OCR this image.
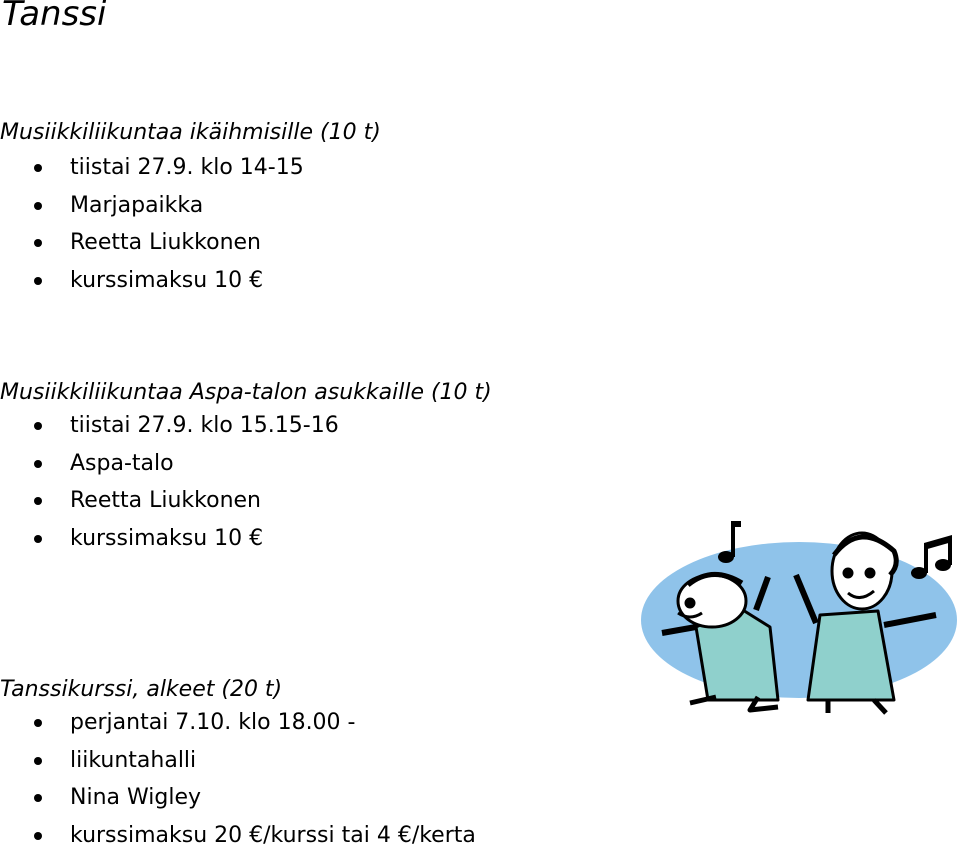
Tanssi
Musiikkiliikuntaa ikäihmisille (10 t)
tiistai 27.9. klo 14-15
Marjapaikka
Reetta Liukkonen
kurssimaksu 10 €
Musiikkiliikuntaa Aspa-talon asukkaille (10 t)
tiistai 27.9. klo 15.15-16
Aspa-talo
Reetta Liukkonen
kurssimaksu 10 €
Tanssikurssi, alkeet (20 t)
perjantai 7.10. klo 18.00 -
liikuntahalli
Nina Wigley
kurssimaksu 20 €/kurssi tai 4 €/kerta
